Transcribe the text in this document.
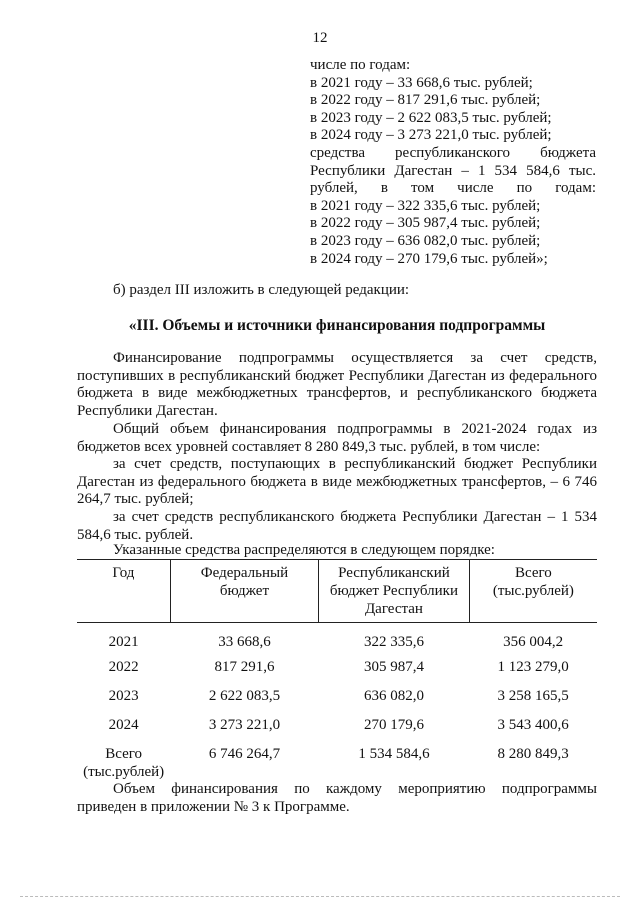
12
числе по годам:
в 2021 году – 33 668,6 тыс. рублей;
в 2022 году – 817 291,6 тыс. рублей;
в 2023 году – 2 622 083,5 тыс. рублей;
в 2024 году – 3 273 221,0 тыс. рублей;
средства республиканского бюджета Республики Дагестан – 1 534 584,6 тыс. рублей, в том числе по годам:
в 2021 году – 322 335,6 тыс. рублей;
в 2022 году – 305 987,4 тыс. рублей;
в 2023 году – 636 082,0 тыс. рублей;
в 2024 году – 270 179,6 тыс. рублей»;
б) раздел III изложить в следующей редакции:
«III. Объемы и источники финансирования подпрограммы
Финансирование подпрограммы осуществляется за счет средств, поступивших в республиканский бюджет Республики Дагестан из федерального бюджета в виде межбюджетных трансфертов, и республиканского бюджета Республики Дагестан.
Общий объем финансирования подпрограммы в 2021-2024 годах из бюджетов всех уровней составляет 8 280 849,3 тыс. рублей, в том числе:
за счет средств, поступающих в республиканский бюджет Республики Дагестан из федерального бюджета в виде межбюджетных трансфертов, – 6 746 264,7 тыс. рублей;
за счет средств республиканского бюджета Республики Дагестан – 1 534 584,6 тыс. рублей.
Указанные средства распределяются в следующем порядке:
Год	Федеральный бюджет	Республиканский бюджет Республики Дагестан	Всего (тыс.рублей)
2021	33 668,6	322 335,6	356 004,2
2022	817 291,6	305 987,4	1 123 279,0
2023	2 622 083,5	636 082,0	3 258 165,5
2024	3 273 221,0	270 179,6	3 543 400,6
Всего (тыс.рублей)	6 746 264,7	1 534 584,6	8 280 849,3
Объем финансирования по каждому мероприятию подпрограммы приведен в приложении № 3 к Программе.
